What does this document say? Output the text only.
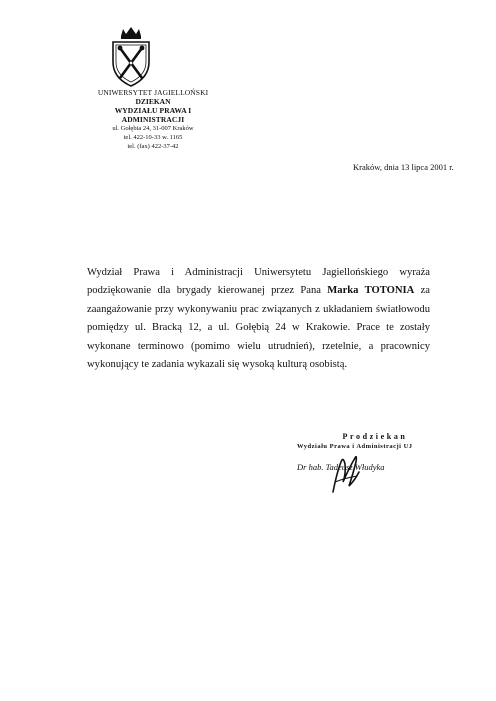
UNIWERSYTET JAGIELLOŃSKI
DZIEKAN
WYDZIAŁU PRAWA I ADMINISTRACJI
ul. Gołębia 24, 31-007 Kraków
tel. 422-10-33 w. 1165
tel. (fax) 422-37-42
Kraków, dnia 13 lipca 2001 r.
Wydział Prawa i Administracji Uniwersytetu Jagiellońskiego wyraża
podziękowanie dla brygady kierowanej przez Pana Marka TOTONIA za
zaangażowanie przy wykonywaniu prac związanych z układaniem światłowodu
pomiędzy ul. Bracką 12, a ul. Gołębią 24 w Krakowie. Prace te zostały
wykonane terminowo (pomimo wielu utrudnień), rzetelnie, a pracownicy
wykonujący te zadania wykazali się wysoką kulturą osobistą.
Prodziekan
Wydziału Prawa i Administracji UJ
Dr hab. Tadeusz Włudyka
